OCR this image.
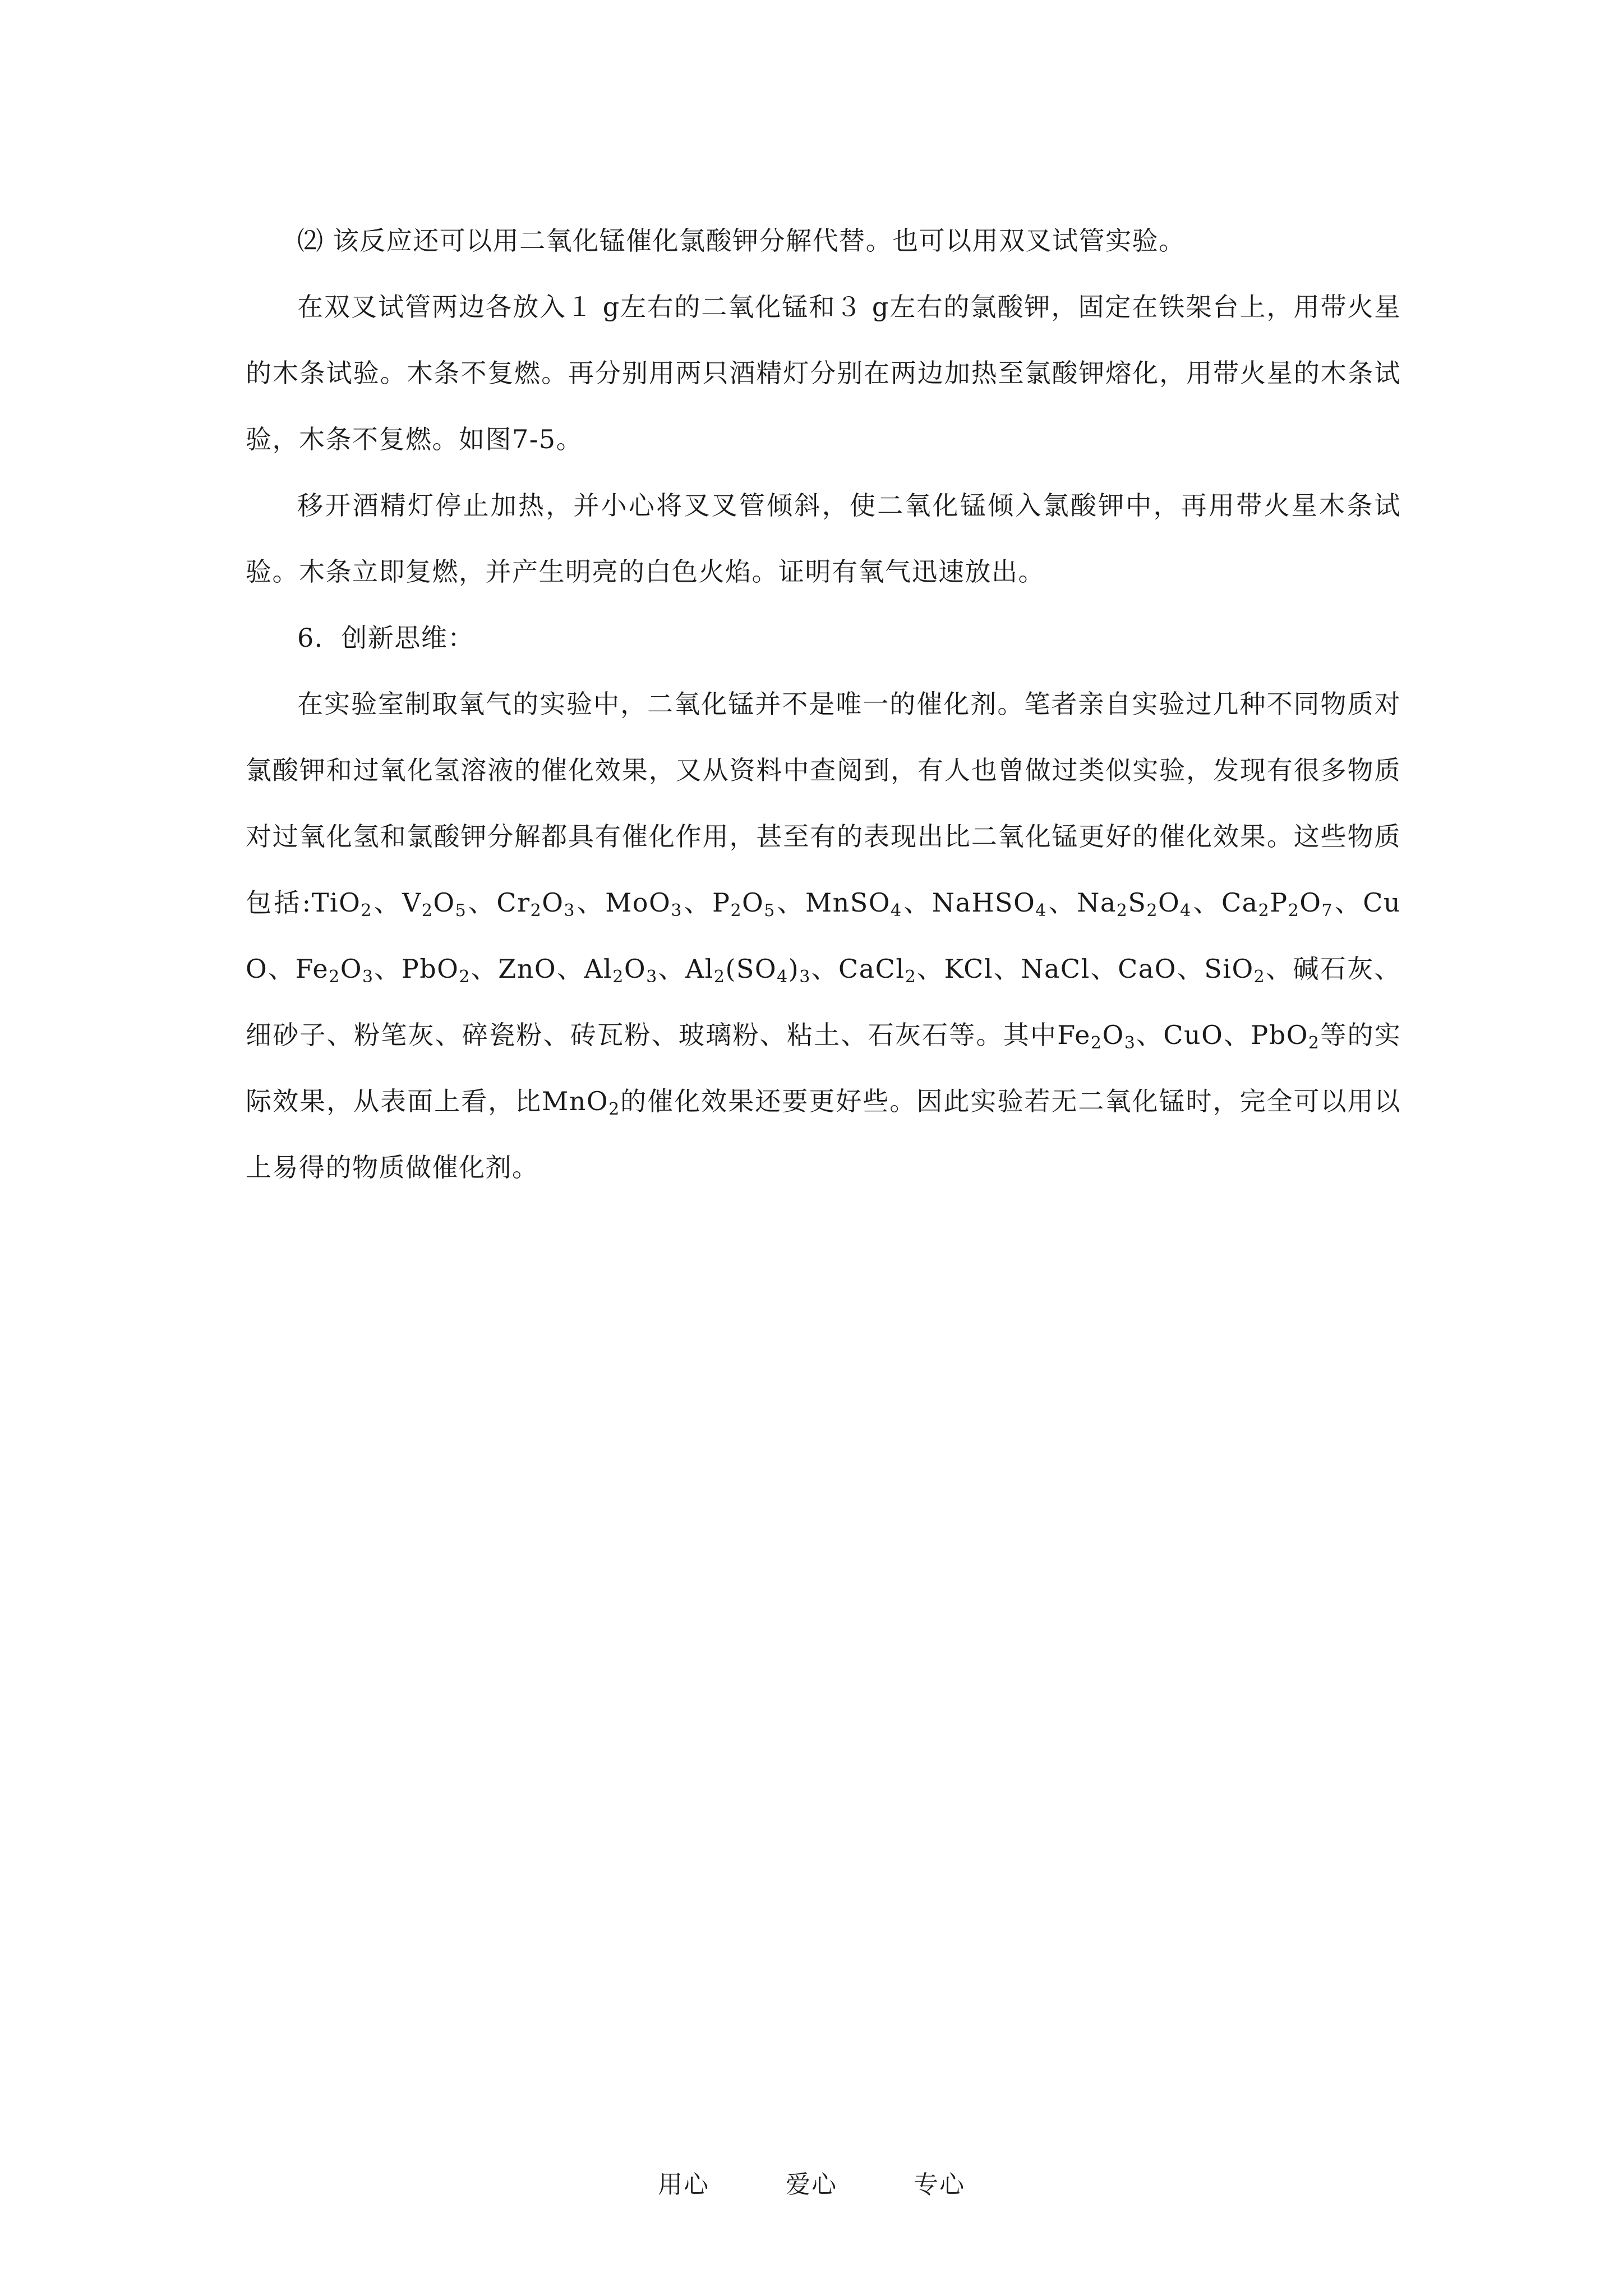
⑵ 该反应还可以用二氧化锰催化氯酸钾分解代替。也可以用双叉试管实验。

在双叉试管两边各放入１ g左右的二氧化锰和３ g左右的氯酸钾，固定在铁架台上，用带火星的木条试验。木条不复燃。再分别用两只酒精灯分别在两边加热至氯酸钾熔化，用带火星的木条试验，木条不复燃。如图7-5。

移开酒精灯停止加热，并小心将叉叉管倾斜，使二氧化锰倾入氯酸钾中，再用带火星木条试验。木条立即复燃，并产生明亮的白色火焰。证明有氧气迅速放出。

6．创新思维：

在实验室制取氧气的实验中，二氧化锰并不是唯一的催化剂。笔者亲自实验过几种不同物质对氯酸钾和过氧化氢溶液的催化效果，又从资料中查阅到，有人也曾做过类似实验，发现有很多物质对过氧化氢和氯酸钾分解都具有催化作用，甚至有的表现出比二氧化锰更好的催化效果。这些物质包括:TiO$_2$、$V_2O_5$、$Cr_2O_3$、MoO$_3$、$P_2O_5$、MnSO$_4$、NaHSO$_4$、$Na_2S_2O_4$、$Ca_2P_2O_7$、CuO、$Fe_2O_3$、PbO$_2$、ZnO、$Al_2O_3$、$Al_2(SO_4)_3$、CaCl$_2$、KCl、NaCl、CaO、SiO$_2$、碱石灰、细砂子、粉笔灰、碎瓷粉、砖瓦粉、玻璃粉、粘土、石灰石等。其中$Fe_2O_3$、CuO、PbO$_2$等的实际效果，从表面上看，比MnO$_2$的催化效果还要更好些。因此实验若无二氧化锰时，完全可以用以上易得的物质做催化剂。

用心	爱心	专心
